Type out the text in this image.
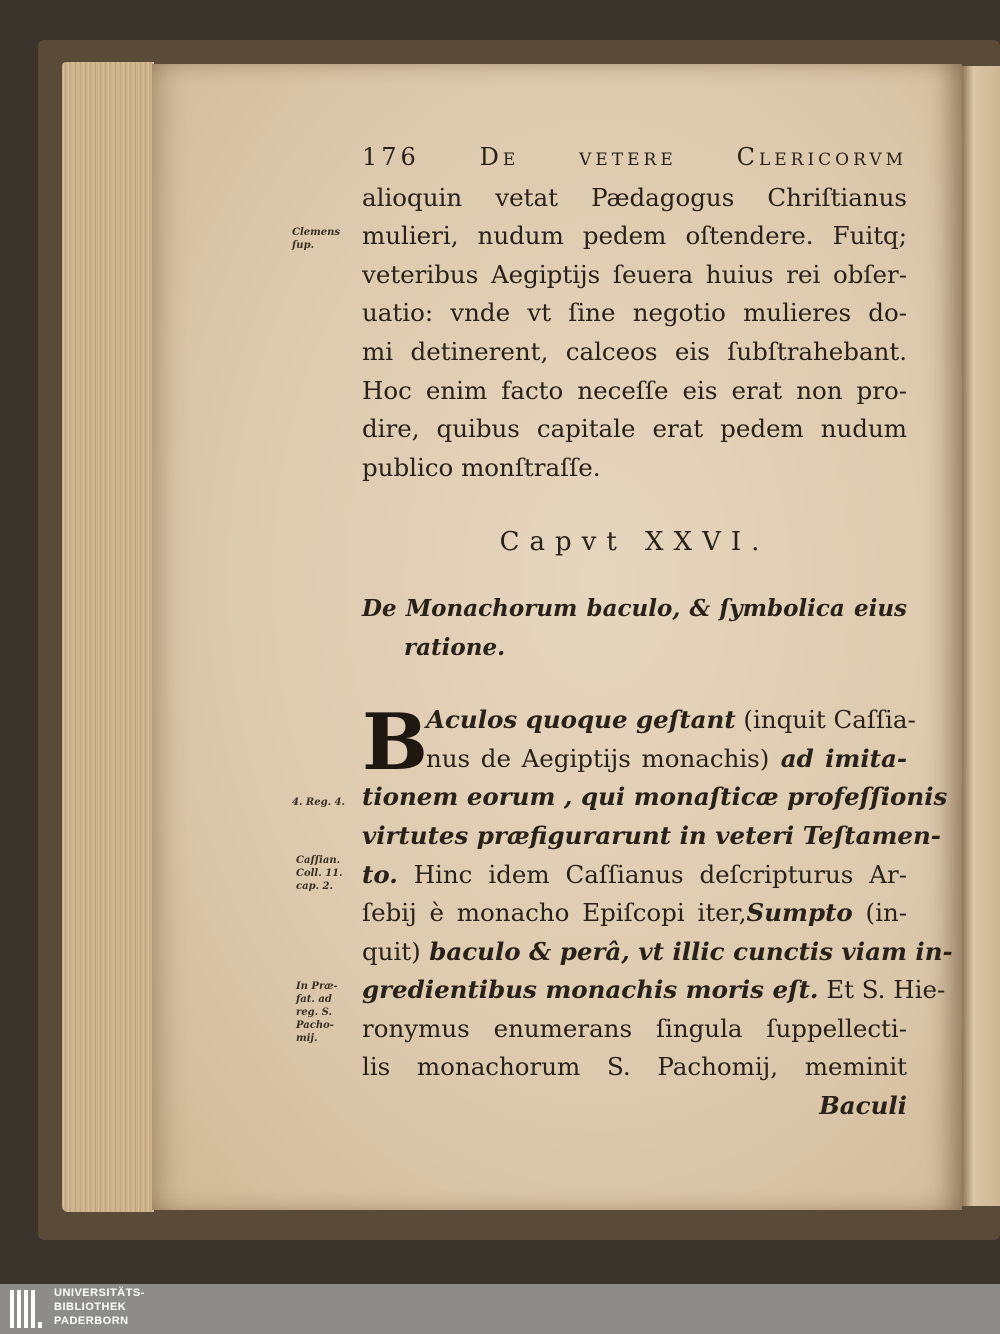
Clemens ſup.
4. Reg. 4.
Caſſian. Coll. 11. cap. 2.
In Præ- fat. ad reg. S. Pacho- mij.
176 De vetere Clericorvm
alioquin vetat Pædagogus Chriſtianus
mulieri, nudum pedem oſtendere. Fuitq;
veteribus Aegiptijs ſeuera huius rei obſer-
uatio: vnde vt ſine negotio mulieres do-
mi detinerent, calceos eis ſubſtrahebant.
Hoc enim facto neceſſe eis erat non pro-
dire, quibus capitale erat pedem nudum
publico monſtraſſe.
Capvt XXVI.
De Monachorum baculo, & ſymbolica eius
ratione.
B
Aculos quoque geſtant (inquit Caſſia-
nus de Aegiptijs monachis) ad imita-
tionem eorum , qui monaſticæ profeſſionis
virtutes præfigurarunt in veteri Teſtamen-
to. Hinc idem Caſſianus deſcripturus Ar-
ſebij è monacho Epiſcopi iter,Sumpto (in-
quit) baculo & perâ, vt illic cunctis viam in-
gredientibus monachis moris eſt. Et S. Hie-
ronymus enumerans ſingula ſuppellecti-
lis monachorum S. Pachomij, meminit
Baculi
UNIVERSITÄTS-
BIBLIOTHEK
PADERBORN
